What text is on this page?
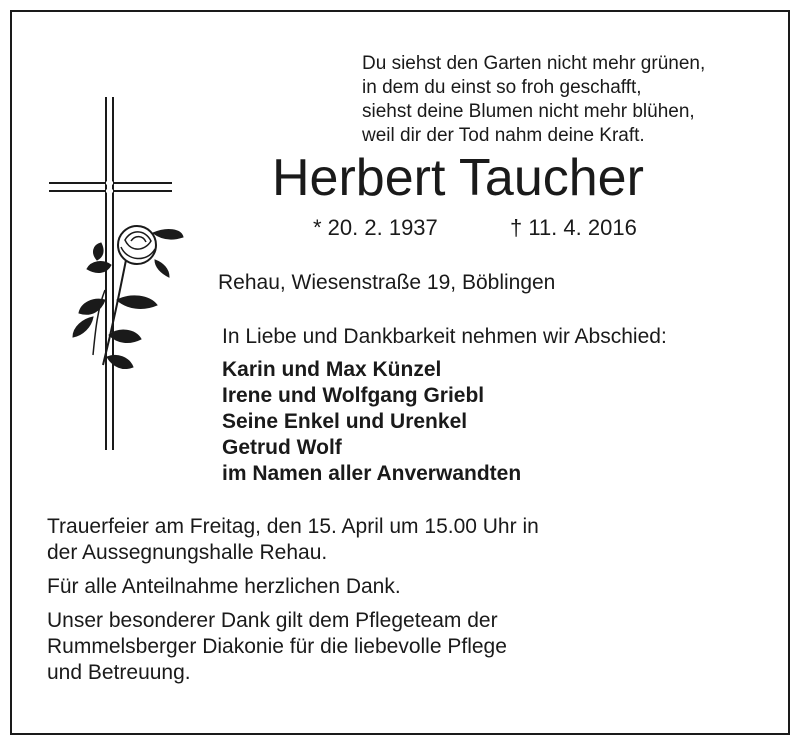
Du siehst den Garten nicht mehr grünen,
in dem du einst so froh geschafft,
siehst deine Blumen nicht mehr blühen,
weil dir der Tod nahm deine Kraft.
Herbert Taucher
* 20. 2. 1937	† 11. 4. 2016
Rehau, Wiesenstraße 19, Böblingen
In Liebe und Dankbarkeit nehmen wir Abschied:
Karin und Max Künzel
Irene und Wolfgang Griebl
Seine Enkel und Urenkel
Getrud Wolf
im Namen aller Anverwandten

Trauerfeier am Freitag, den 15. April um 15.00 Uhr in
der Aussegnungshalle Rehau.

Für alle Anteilnahme herzlichen Dank.

Unser besonderer Dank gilt dem Pflegeteam der
Rummelsberger Diakonie für die liebevolle Pflege
und Betreuung.
